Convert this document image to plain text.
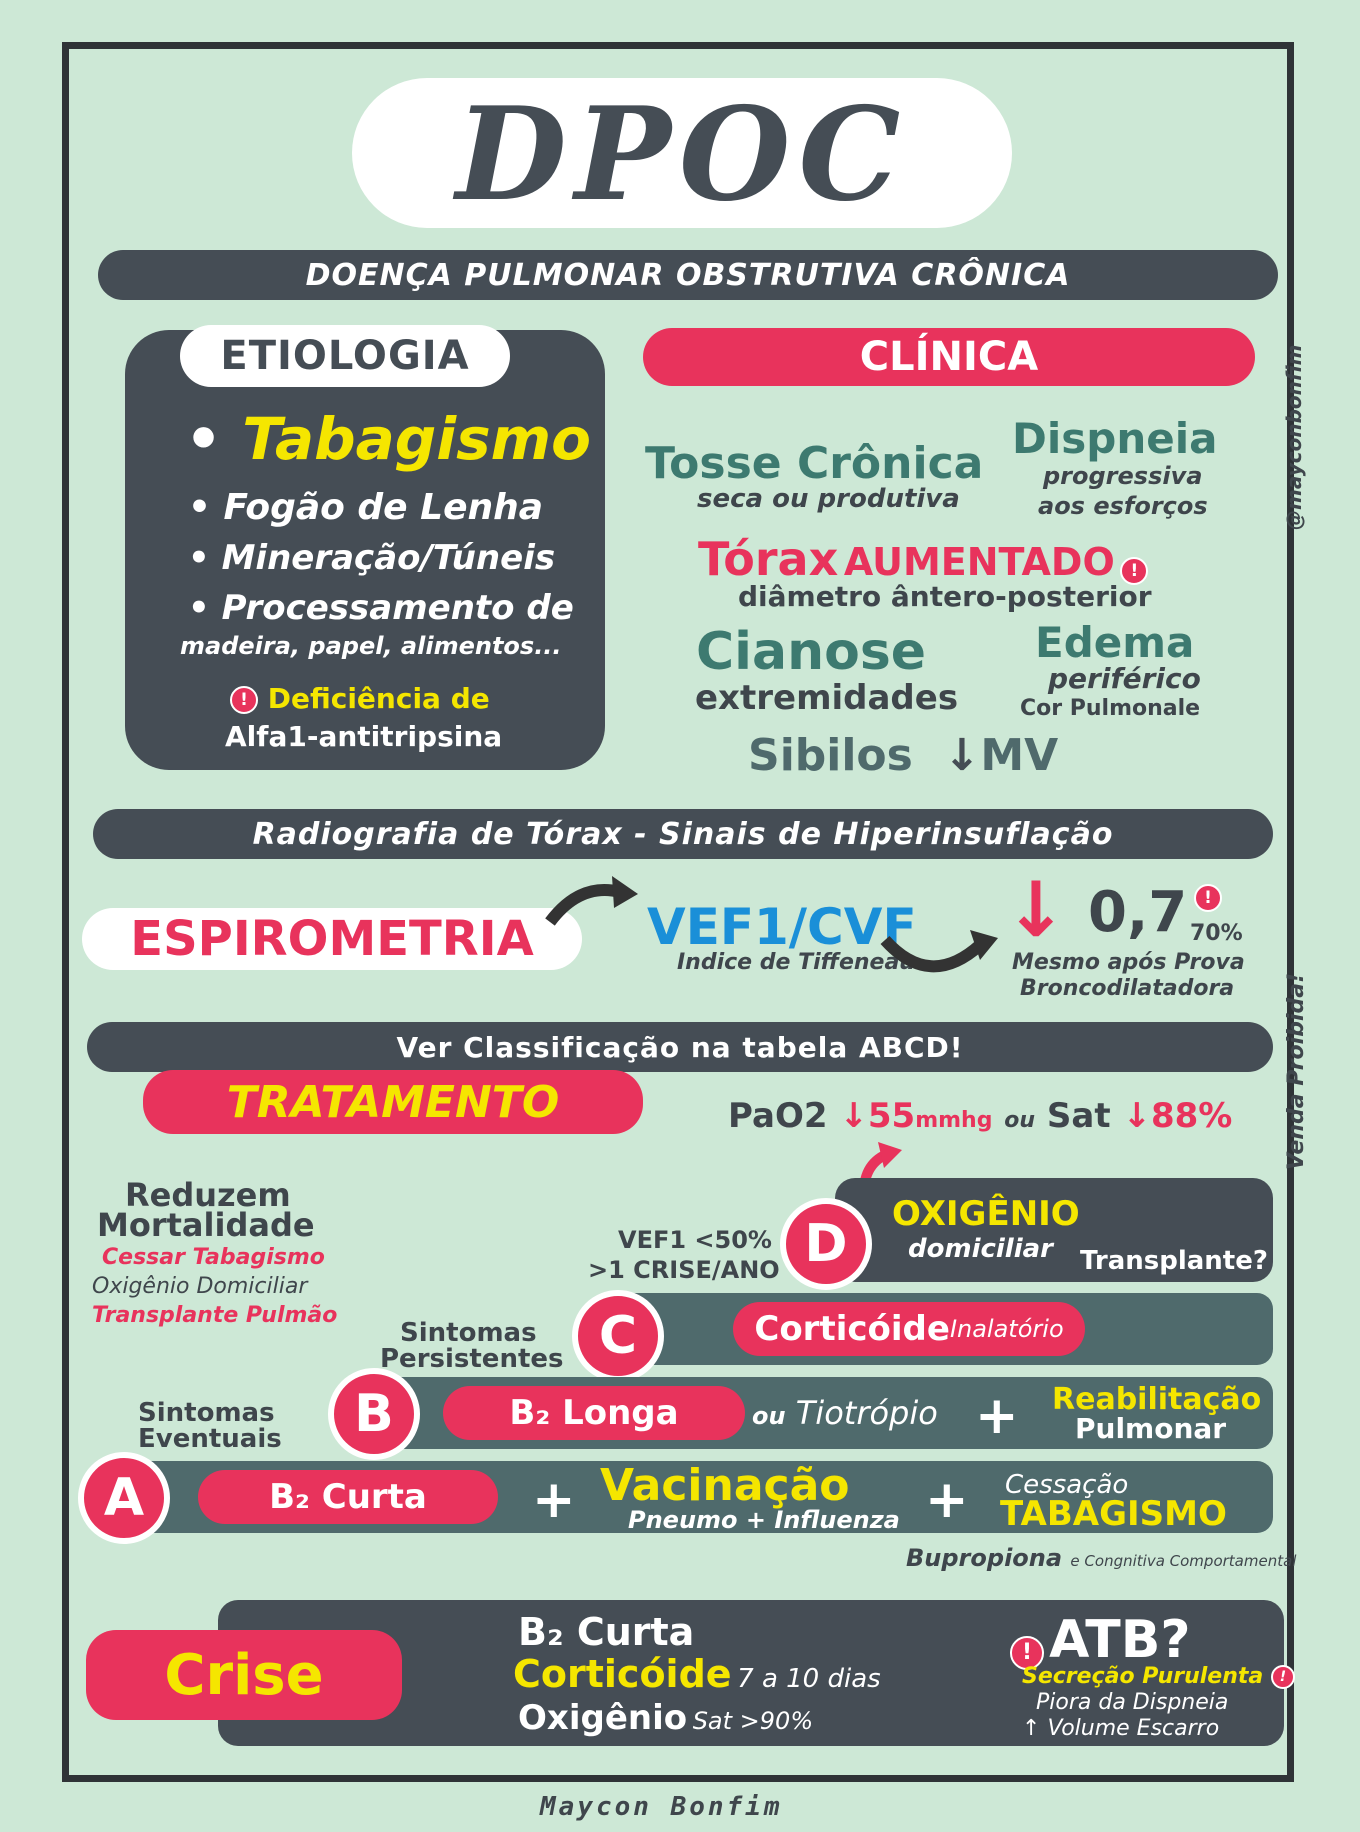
DPOC
DOENÇA PULMONAR OBSTRUTIVA CRÔNICA
@mayconbonfim
ETIOLOGIA
• Tabagismo
• Fogão de Lenha
• Mineração/Túneis
• Processamento de
madeira, papel, alimentos...
! Deficiência de
Alfa1-antitripsina
CLÍNICA
Tosse Crônica
seca ou produtiva
Dispneia
progressiva
aos esforços
Tórax AUMENTADO !
diâmetro ântero-posterior
Cianose
extremidades
Edema
periférico
Cor Pulmonale
Sibilos  ↓MV
Radiografia de Tórax - Sinais de Hiperinsuflação
ESPIROMETRIA VEF1/CVF
Indice de Tiffeneau
↓ 0,7 !
70%
Mesmo após Prova
Broncodilatadora Venda Proibida!
Ver Classificação na tabela ABCD!
TRATAMENTO	PaO2 ↓55mmhg ou Sat ↓88%
Reduzem
Mortalidade
Cessar Tabagismo
Oxigênio Domiciliar
Transplante Pulmão
VEF1 <50%
>1 CRISE/ANO D OXIGÊNIO
domiciliar Transplante?
Sintomas
Persistentes C	Corticóide Inalatório
Sintomas
Eventuais B	B₂ Longa	ou Tiotrópio + Reabilitação
Pulmonar
A	B₂ Curta + Vacinação
Pneumo + Influenza + Cessação
TABAGISMO
Bupropiona e Congnitiva Comportamental
Crise
B₂ Curta
Corticóide 7 a 10 dias
Oxigênio Sat >90%
! ATB?
Secreção Purulenta !
Piora da Dispneia
↑ Volume Escarro
Maycon Bonfim
